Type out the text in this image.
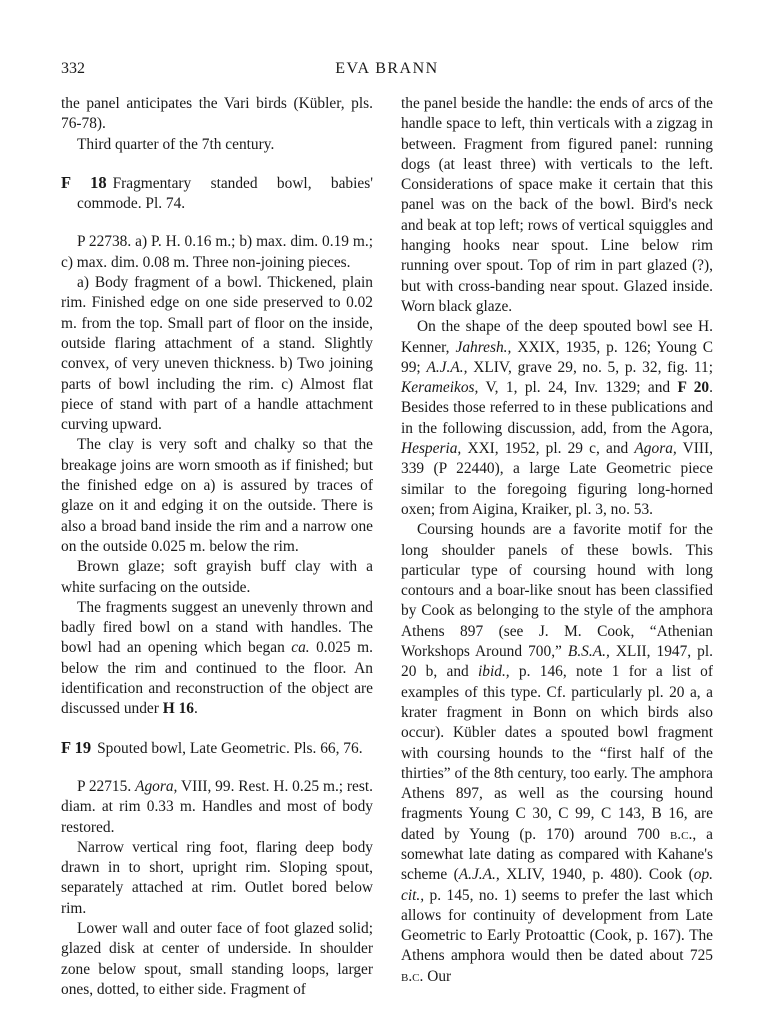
332	EVA BRANN

the panel anticipates the Vari birds (Kübler, pls. 76-78).

Third quarter of the 7th century.

F 18 Fragmentary standed bowl, babies' commode. Pl. 74.

P 22738. a) P. H. 0.16 m.; b) max. dim. 0.19 m.; c) max. dim. 0.08 m. Three non-joining pieces.

a) Body fragment of a bowl. Thickened, plain rim. Finished edge on one side preserved to 0.02 m. from the top. Small part of floor on the inside, outside flaring attachment of a stand. Slightly convex, of very uneven thickness. b) Two joining parts of bowl including the rim. c) Almost flat piece of stand with part of a handle attachment curving upward.

The clay is very soft and chalky so that the breakage joins are worn smooth as if finished; but the finished edge on a) is assured by traces of glaze on it and edging it on the outside. There is also a broad band inside the rim and a narrow one on the outside 0.025 m. below the rim.

Brown glaze; soft grayish buff clay with a white surfacing on the outside.

The fragments suggest an unevenly thrown and badly fired bowl on a stand with handles. The bowl had an opening which began ca. 0.025 m. below the rim and continued to the floor. An identification and reconstruction of the object are discussed under H 16.

F 19 Spouted bowl, Late Geometric. Pls. 66, 76.

P 22715. Agora, VIII, 99. Rest. H. 0.25 m.; rest. diam. at rim 0.33 m. Handles and most of body restored.

Narrow vertical ring foot, flaring deep body drawn in to short, upright rim. Sloping spout, separately attached at rim. Outlet bored below rim.

Lower wall and outer face of foot glazed solid; glazed disk at center of underside. In shoulder zone below spout, small standing loops, larger ones, dotted, to either side. Fragment of

the panel beside the handle: the ends of arcs of the handle space to left, thin verticals with a zigzag in between. Fragment from figured panel: running dogs (at least three) with verticals to the left. Considerations of space make it certain that this panel was on the back of the bowl. Bird's neck and beak at top left; rows of vertical squiggles and hanging hooks near spout. Line below rim running over spout. Top of rim in part glazed (?), but with cross-banding near spout. Glazed inside. Worn black glaze.

On the shape of the deep spouted bowl see H. Kenner, Jahresh., XXIX, 1935, p. 126; Young C 99; A.J.A., XLIV, grave 29, no. 5, p. 32, fig. 11; Kerameikos, V, 1, pl. 24, Inv. 1329; and F 20. Besides those referred to in these publications and in the following discussion, add, from the Agora, Hesperia, XXI, 1952, pl. 29 c, and Agora, VIII, 339 (P 22440), a large Late Geometric piece similar to the foregoing figuring long-horned oxen; from Aigina, Kraiker, pl. 3, no. 53.

Coursing hounds are a favorite motif for the long shoulder panels of these bowls. This particular type of coursing hound with long contours and a boar-like snout has been classified by Cook as belonging to the style of the amphora Athens 897 (see J. M. Cook, “Athenian Workshops Around 700,” B.S.A., XLII, 1947, pl. 20 b, and ibid., p. 146, note 1 for a list of examples of this type. Cf. particularly pl. 20 a, a krater fragment in Bonn on which birds also occur). Kübler dates a spouted bowl fragment with coursing hounds to the “first half of the thirties” of the 8th century, too early. The amphora Athens 897, as well as the coursing hound fragments Young C 30, C 99, C 143, B 16, are dated by Young (p. 170) around 700 b.c., a somewhat late dating as compared with Kahane's scheme (A.J.A., XLIV, 1940, p. 480). Cook (op. cit., p. 145, no. 1) seems to prefer the last which allows for continuity of development from Late Geometric to Early Protoattic (Cook, p. 167). The Athens amphora would then be dated about 725 b.c. Our
